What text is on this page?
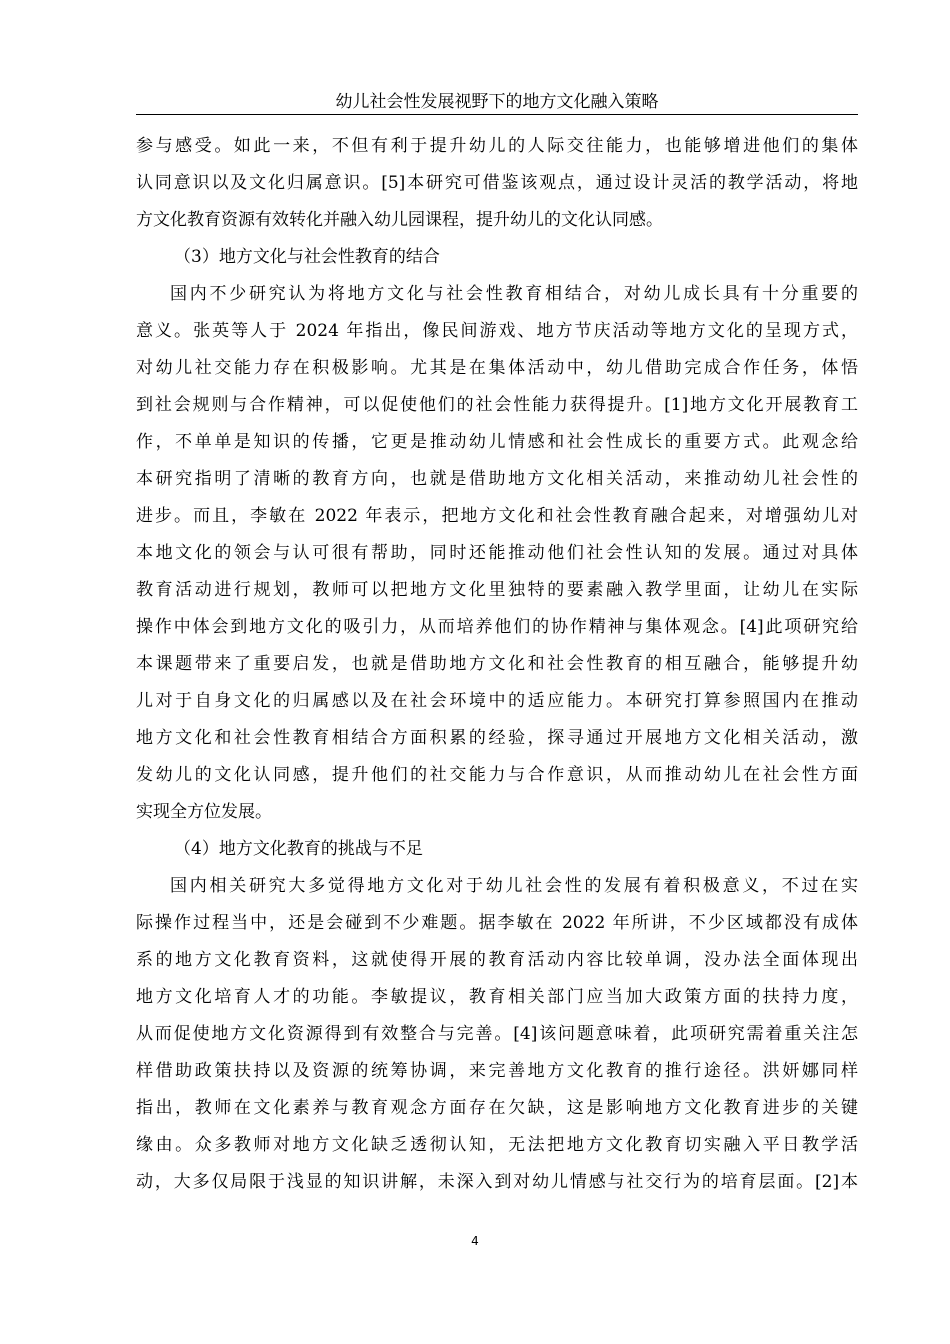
幼儿社会性发展视野下的地方文化融入策略
参与感受。如此一来，不但有利于提升幼儿的人际交往能力，也能够增进他们的集体
认同意识以及文化归属意识。[5]本研究可借鉴该观点，通过设计灵活的教学活动，将地
方文化教育资源有效转化并融入幼儿园课程，提升幼儿的文化认同感。
（3）地方文化与社会性教育的结合
国内不少研究认为将地方文化与社会性教育相结合，对幼儿成长具有十分重要的
意义。张英等人于 2024 年指出，像民间游戏、地方节庆活动等地方文化的呈现方式，
对幼儿社交能力存在积极影响。尤其是在集体活动中，幼儿借助完成合作任务，体悟
到社会规则与合作精神，可以促使他们的社会性能力获得提升。[1]地方文化开展教育工
作，不单单是知识的传播，它更是推动幼儿情感和社会性成长的重要方式。此观念给
本研究指明了清晰的教育方向，也就是借助地方文化相关活动，来推动幼儿社会性的
进步。而且，李敏在 2022 年表示，把地方文化和社会性教育融合起来，对增强幼儿对
本地文化的领会与认可很有帮助，同时还能推动他们社会性认知的发展。通过对具体
教育活动进行规划，教师可以把地方文化里独特的要素融入教学里面，让幼儿在实际
操作中体会到地方文化的吸引力，从而培养他们的协作精神与集体观念。[4]此项研究给
本课题带来了重要启发，也就是借助地方文化和社会性教育的相互融合，能够提升幼
儿对于自身文化的归属感以及在社会环境中的适应能力。本研究打算参照国内在推动
地方文化和社会性教育相结合方面积累的经验，探寻通过开展地方文化相关活动，激
发幼儿的文化认同感，提升他们的社交能力与合作意识，从而推动幼儿在社会性方面
实现全方位发展。
（4）地方文化教育的挑战与不足
国内相关研究大多觉得地方文化对于幼儿社会性的发展有着积极意义，不过在实
际操作过程当中，还是会碰到不少难题。据李敏在 2022 年所讲，不少区域都没有成体
系的地方文化教育资料，这就使得开展的教育活动内容比较单调，没办法全面体现出
地方文化培育人才的功能。李敏提议，教育相关部门应当加大政策方面的扶持力度，
从而促使地方文化资源得到有效整合与完善。[4]该问题意味着，此项研究需着重关注怎
样借助政策扶持以及资源的统筹协调，来完善地方文化教育的推行途径。洪妍娜同样
指出，教师在文化素养与教育观念方面存在欠缺，这是影响地方文化教育进步的关键
缘由。众多教师对地方文化缺乏透彻认知，无法把地方文化教育切实融入平日教学活
动，大多仅局限于浅显的知识讲解，未深入到对幼儿情感与社交行为的培育层面。[2]本
4
